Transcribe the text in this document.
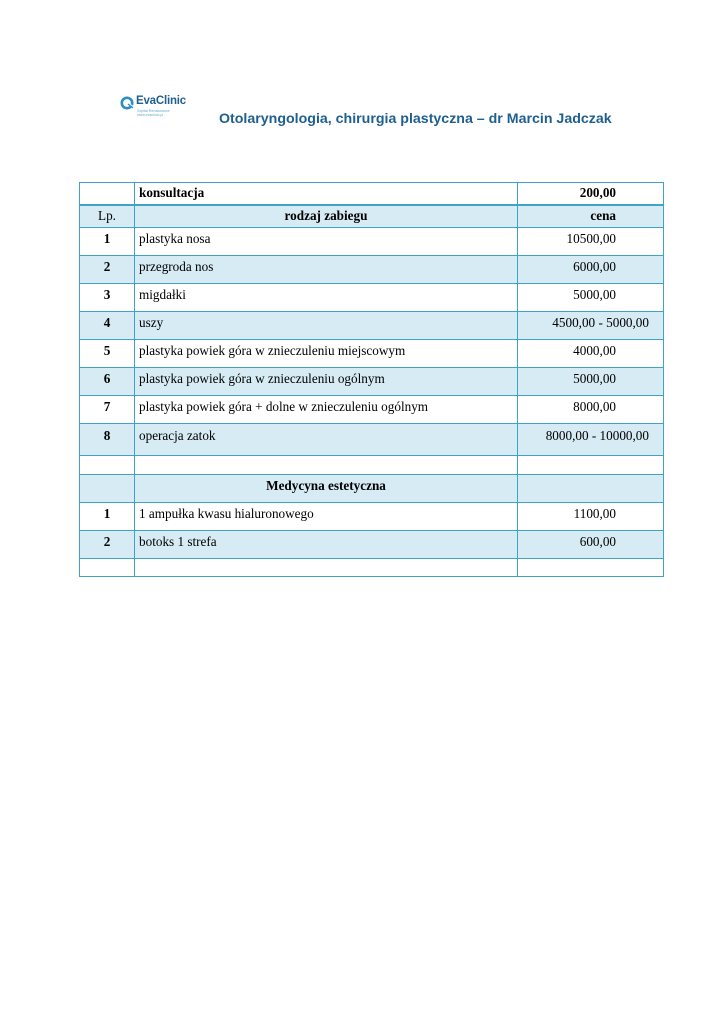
EvaClinic
Szpital Renaissance
www.evaclinic.pl	Otolaryngologia, chirurgia plastyczna – dr Marcin Jadczak
	konsultacja	200,00
Lp.	rodzaj zabiegu	cena
1	plastyka nosa	10500,00
2	przegroda nos	6000,00
3	migdałki	5000,00
4	uszy	4500,00 - 5000,00
5	plastyka powiek góra w znieczuleniu miejscowym	4000,00
6	plastyka powiek góra w znieczuleniu ogólnym	5000,00
7	plastyka powiek góra + dolne w znieczuleniu ogólnym	8000,00
8	operacja zatok	8000,00 - 10000,00

	Medycyna estetyczna	
1	1 ampułka kwasu hialuronowego	1100,00
2	botoks 1 strefa	600,00
